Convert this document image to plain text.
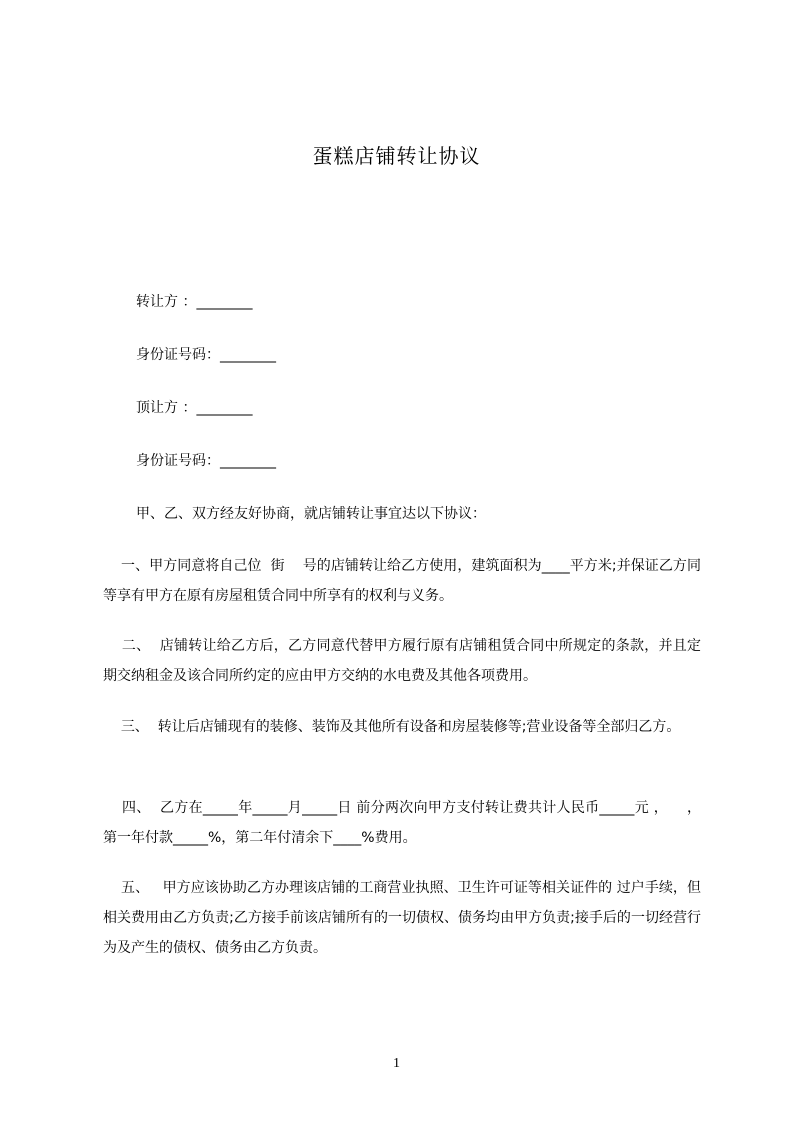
蛋糕店铺转让协议
转让方 ：________
身份证号码：________
顶让方 ：________
身份证号码：________
甲、乙、双方经友好协商，就店铺转让事宜达以下协议：
一、甲方同意将自己位  街    号的店铺转让给乙方使用，建筑面积为____平方米;并保证乙方同等享有甲方在原有房屋租赁合同中所享有的权利与义务。
二、  店铺转让给乙方后，乙方同意代替甲方履行原有店铺租赁合同中所规定的条款，并且定期交纳租金及该合同所约定的应由甲方交纳的水电费及其他各项费用。
三、  转让后店铺现有的装修、装饰及其他所有设备和房屋装修等;营业设备等全部归乙方。
四、  乙方在_____年_____月_____日 前分两次向甲方支付转让费共计人民币_____元 ，    ，第一年付款_____%，第二年付清余下____%费用。
五、   甲方应该协助乙方办理该店铺的工商营业执照、卫生许可证等相关证件的 过户手续，但相关费用由乙方负责;乙方接手前该店铺所有的一切债权、债务均由甲方负责;接手后的一切经营行为及产生的债权、债务由乙方负责。
1
